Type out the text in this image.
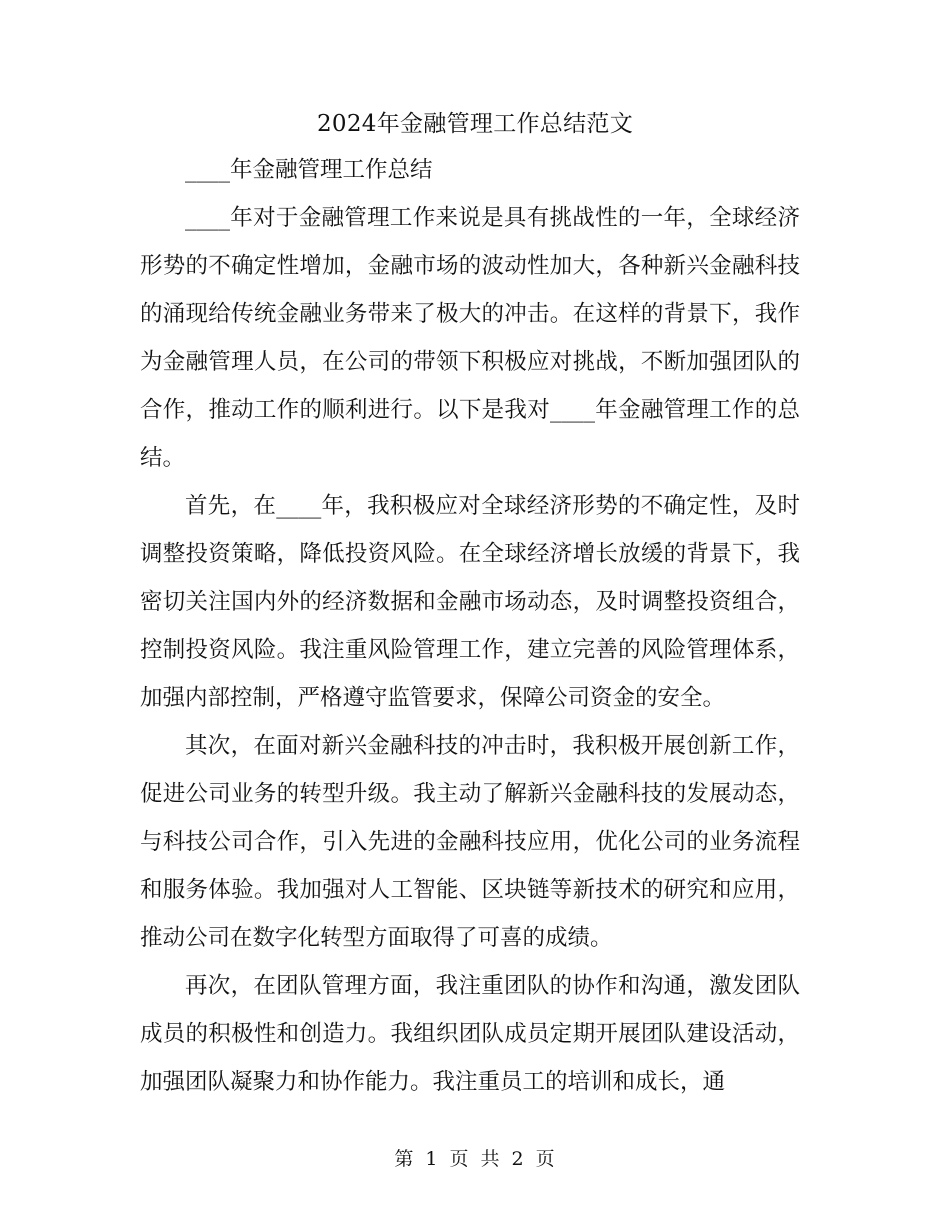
2024年金融管理工作总结范文

____年金融管理工作总结

____年对于金融管理工作来说是具有挑战性的一年，全球经济形势的不确定性增加，金融市场的波动性加大，各种新兴金融科技的涌现给传统金融业务带来了极大的冲击。在这样的背景下，我作为金融管理人员，在公司的带领下积极应对挑战，不断加强团队的合作，推动工作的顺利进行。以下是我对____年金融管理工作的总结。

首先，在____年，我积极应对全球经济形势的不确定性，及时调整投资策略，降低投资风险。在全球经济增长放缓的背景下，我密切关注国内外的经济数据和金融市场动态，及时调整投资组合，控制投资风险。我注重风险管理工作，建立完善的风险管理体系，加强内部控制，严格遵守监管要求，保障公司资金的安全。

其次，在面对新兴金融科技的冲击时，我积极开展创新工作，促进公司业务的转型升级。我主动了解新兴金融科技的发展动态，与科技公司合作，引入先进的金融科技应用，优化公司的业务流程和服务体验。我加强对人工智能、区块链等新技术的研究和应用，推动公司在数字化转型方面取得了可喜的成绩。

再次，在团队管理方面，我注重团队的协作和沟通，激发团队成员的积极性和创造力。我组织团队成员定期开展团队建设活动，加强团队凝聚力和协作能力。我注重员工的培训和成长，通

第 1 页 共 2 页
